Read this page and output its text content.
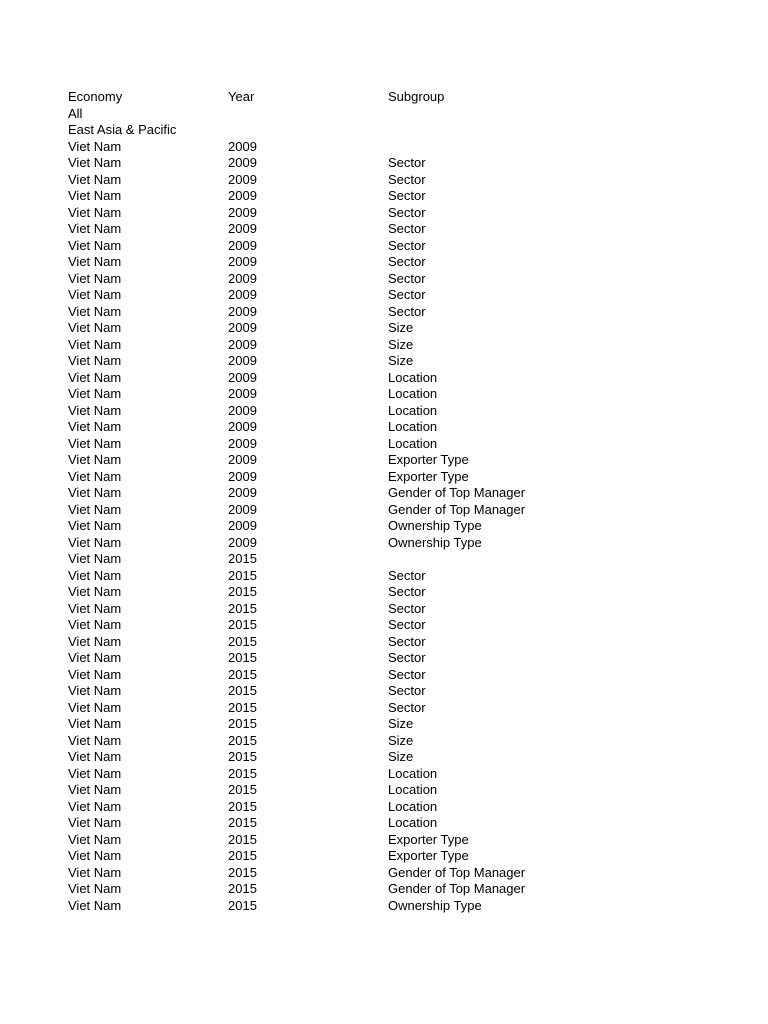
Economy	Year	Subgroup
All
East Asia & Pacific
Viet Nam	2009
Viet Nam	2009	Sector
Viet Nam	2009	Sector
Viet Nam	2009	Sector
Viet Nam	2009	Sector
Viet Nam	2009	Sector
Viet Nam	2009	Sector
Viet Nam	2009	Sector
Viet Nam	2009	Sector
Viet Nam	2009	Sector
Viet Nam	2009	Sector
Viet Nam	2009	Size
Viet Nam	2009	Size
Viet Nam	2009	Size
Viet Nam	2009	Location
Viet Nam	2009	Location
Viet Nam	2009	Location
Viet Nam	2009	Location
Viet Nam	2009	Location
Viet Nam	2009	Exporter Type
Viet Nam	2009	Exporter Type
Viet Nam	2009	Gender of Top Manager
Viet Nam	2009	Gender of Top Manager
Viet Nam	2009	Ownership Type
Viet Nam	2009	Ownership Type
Viet Nam	2015
Viet Nam	2015	Sector
Viet Nam	2015	Sector
Viet Nam	2015	Sector
Viet Nam	2015	Sector
Viet Nam	2015	Sector
Viet Nam	2015	Sector
Viet Nam	2015	Sector
Viet Nam	2015	Sector
Viet Nam	2015	Sector
Viet Nam	2015	Size
Viet Nam	2015	Size
Viet Nam	2015	Size
Viet Nam	2015	Location
Viet Nam	2015	Location
Viet Nam	2015	Location
Viet Nam	2015	Location
Viet Nam	2015	Exporter Type
Viet Nam	2015	Exporter Type
Viet Nam	2015	Gender of Top Manager
Viet Nam	2015	Gender of Top Manager
Viet Nam	2015	Ownership Type
